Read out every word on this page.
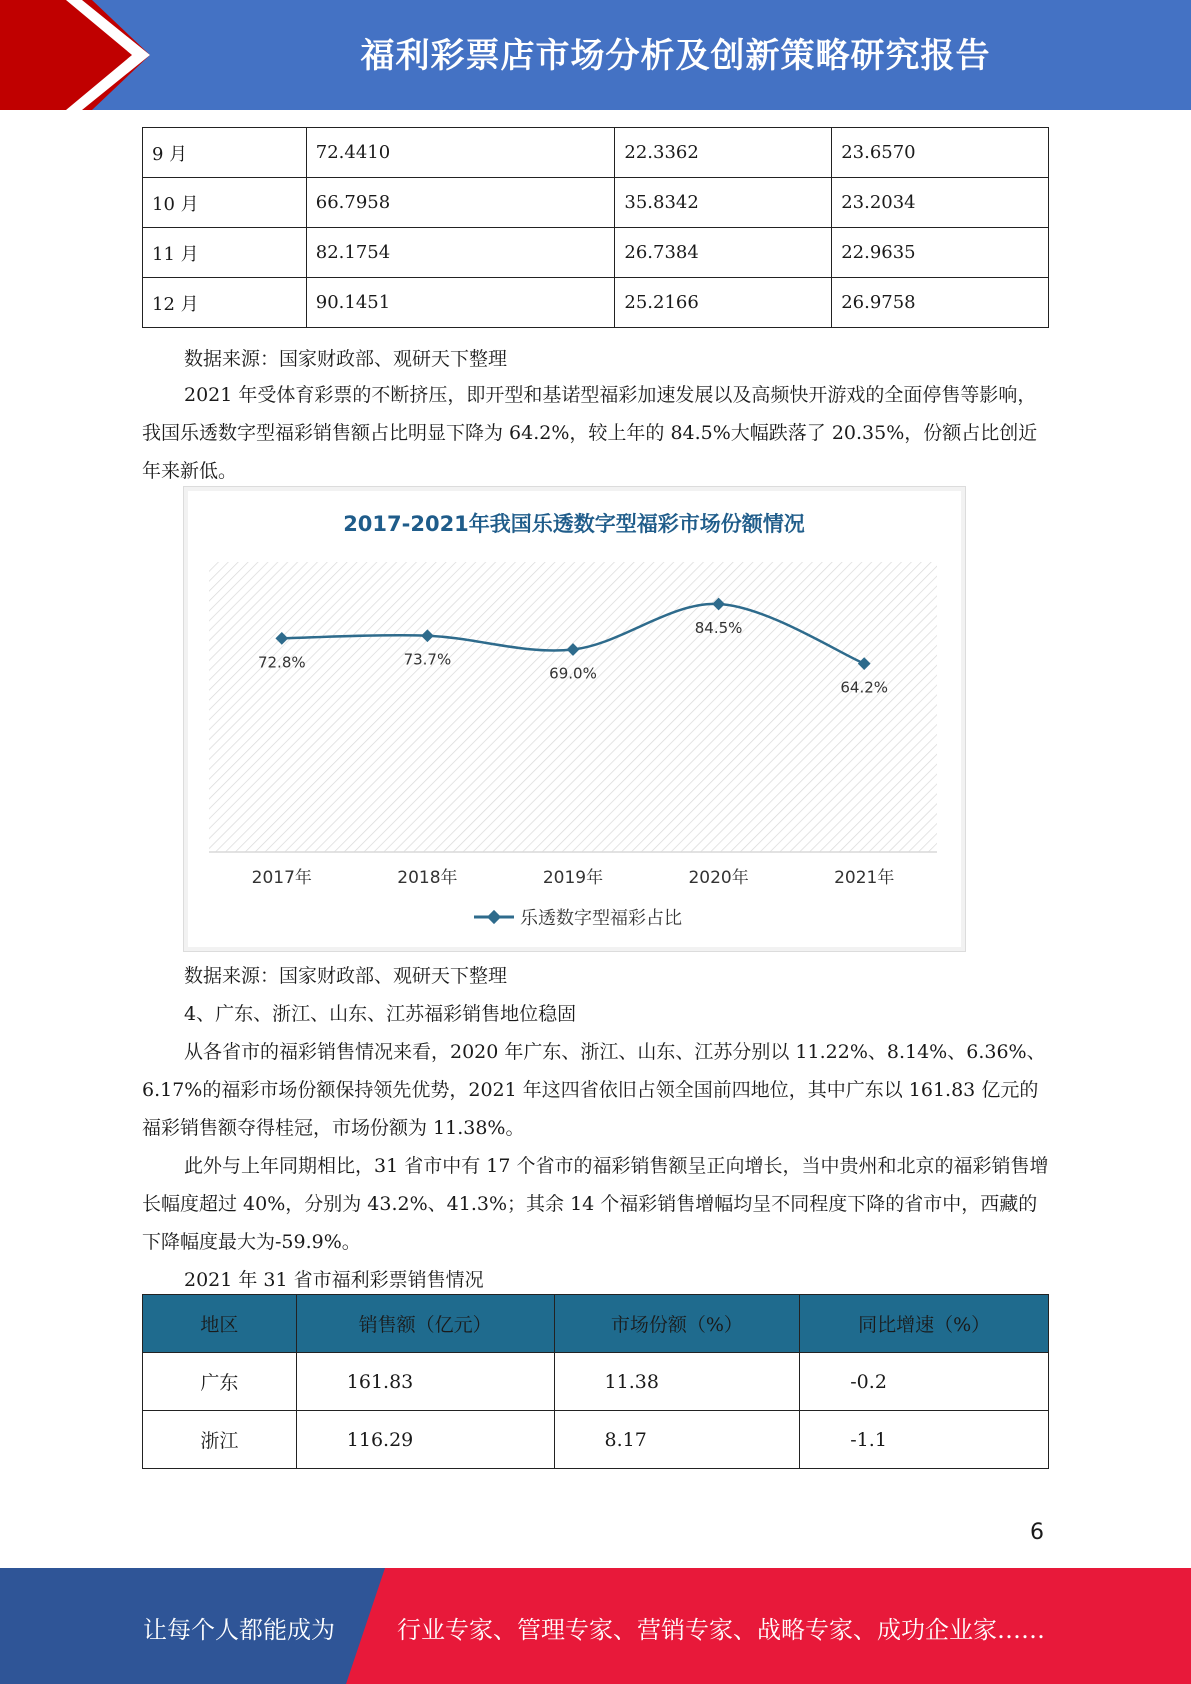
福利彩票店市场分析及创新策略研究报告
9 月	72.4410	22.3362	23.6570
10 月	66.7958	35.8342	23.2034
11 月	82.1754	26.7384	22.9635
12 月	90.1451	25.2166	26.9758
数据来源：国家财政部、观研天下整理
2021 年受体育彩票的不断挤压，即开型和基诺型福彩加速发展以及高频快开游戏的全面停售等影响，我国乐透数字型福彩销售额占比明显下降为 64.2%，较上年的 84.5%大幅跌落了 20.35%，份额占比创近年来新低。
2017-2021年我国乐透数字型福彩市场份额情况
72.8%
2017年
73.7%
2018年
69.0%
2019年
84.5%
2020年
64.2%
2021年
乐透数字型福彩占比
数据来源：国家财政部、观研天下整理
4、广东、浙江、山东、江苏福彩销售地位稳固
从各省市的福彩销售情况来看，2020 年广东、浙江、山东、江苏分别以 11.22%、8.14%、6.36%、6.17%的福彩市场份额保持领先优势，2021 年这四省依旧占领全国前四地位，其中广东以 161.83 亿元的福彩销售额夺得桂冠，市场份额为 11.38%。
此外与上年同期相比，31 省市中有 17 个省市的福彩销售额呈正向增长，当中贵州和北京的福彩销售增长幅度超过 40%，分别为 43.2%、41.3%；其余 14 个福彩销售增幅均呈不同程度下降的省市中，西藏的下降幅度最大为-59.9%。
2021 年 31 省市福利彩票销售情况
地区	销售额（亿元）	市场份额（%）	同比增速（%）
广东	161.83	11.38	-0.2
浙江	116.29	8.17	-1.1
6
让每个人都能成为	行业专家、管理专家、营销专家、战略专家、成功企业家……
